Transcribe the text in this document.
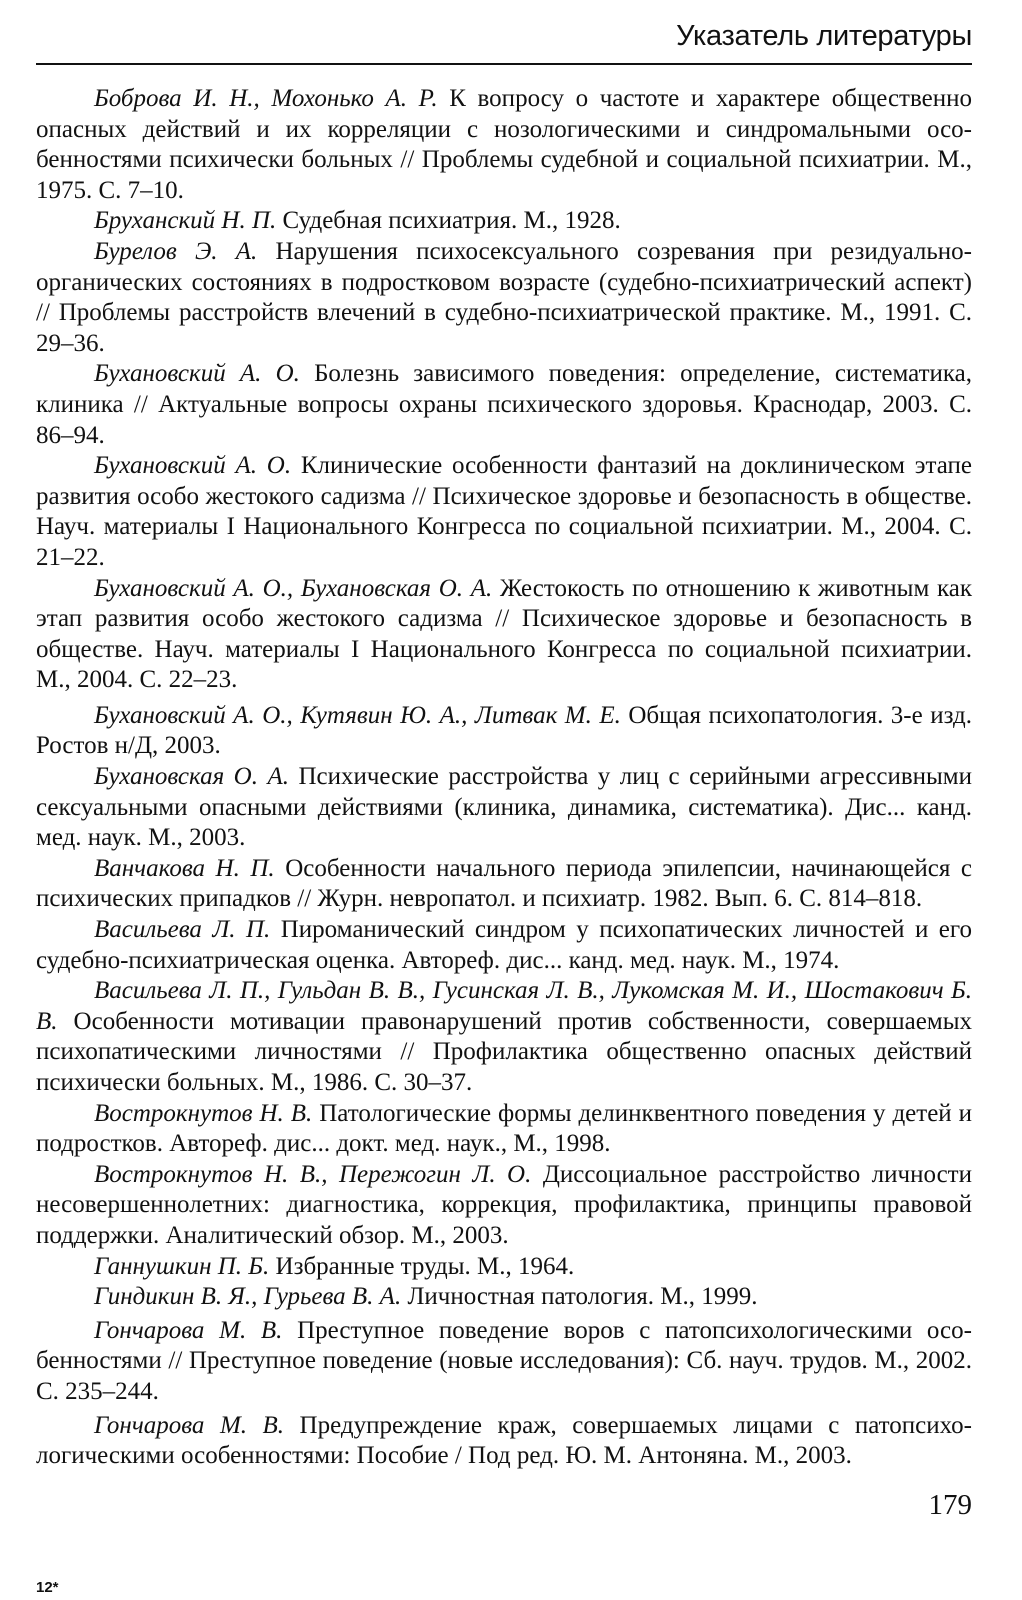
Указатель литературы
Боброва И. Н., Мохонько А. Р. К вопросу о частоте и характере общественно опасных действий и их корреляции с нозологическими и синдромальными особенностями психически больных // Проблемы судебной и социальной психиатрии. М., 1975. С. 7–10.
Бруханский Н. П. Судебная психиатрия. М., 1928.
Бурелов Э. А. Нарушения психосексуального созревания при резидуально-органических состояниях в подростковом возрасте (судебно-психиатрический аспект) // Проблемы расстройств влечений в судебно-психиатрической практике. М., 1991. С. 29–36.
Бухановский А. О. Болезнь зависимого поведения: определение, систематика, клиника // Актуальные вопросы охраны психического здоровья. Краснодар, 2003. С. 86–94.
Бухановский А. О. Клинические особенности фантазий на доклиническом этапе развития особо жестокого садизма // Психическое здоровье и безопасность в обществе. Науч. материалы I Национального Конгресса по социальной психиатрии. М., 2004. С. 21–22.
Бухановский А. О., Бухановская О. А. Жестокость по отношению к животным как этап развития особо жестокого садизма // Психическое здоровье и безопасность в обществе. Науч. материалы I Национального Конгресса по социальной психиатрии. М., 2004. С. 22–23.
Бухановский А. О., Кутявин Ю. А., Литвак М. Е. Общая психопатология. 3-е изд. Ростов н/Д, 2003.
Бухановская О. А. Психические расстройства у лиц с серийными агрессивными сексуальными опасными действиями (клиника, динамика, систематика). Дис... канд. мед. наук. М., 2003.
Ванчакова Н. П. Особенности начального периода эпилепсии, начинающейся с психических припадков // Журн. невропатол. и психиатр. 1982. Вып. 6. С. 814–818.
Васильева Л. П. Пироманический синдром у психопатических личностей и его судебно-психиатрическая оценка. Автореф. дис... канд. мед. наук. М., 1974.
Васильева Л. П., Гульдан В. В., Гусинская Л. В., Лукомская М. И., Шостакович Б. В. Особенности мотивации правонарушений против собственности, совершаемых психопатическими личностями // Профилактика общественно опасных действий психически больных. М., 1986. С. 30–37.
Вострокнутов Н. В. Патологические формы делинквентного поведения у детей и подростков. Автореф. дис... докт. мед. наук., М., 1998.
Вострокнутов Н. В., Пережогин Л. О. Диссоциальное расстройство личности несовершеннолетних: диагностика, коррекция, профилактика, принципы правовой поддержки. Аналитический обзор. М., 2003.
Ганнушкин П. Б. Избранные труды. М., 1964.
Гиндикин В. Я., Гурьева В. А. Личностная патология. М., 1999.
Гончарова М. В. Преступное поведение воров с патопсихологическими особенностями // Преступное поведение (новые исследования): Сб. науч. трудов. М., 2002. С. 235–244.
Гончарова М. В. Предупреждение краж, совершаемых лицами с патопсихологическими особенностями: Пособие / Под ред. Ю. М. Антоняна. М., 2003.
179
12*
